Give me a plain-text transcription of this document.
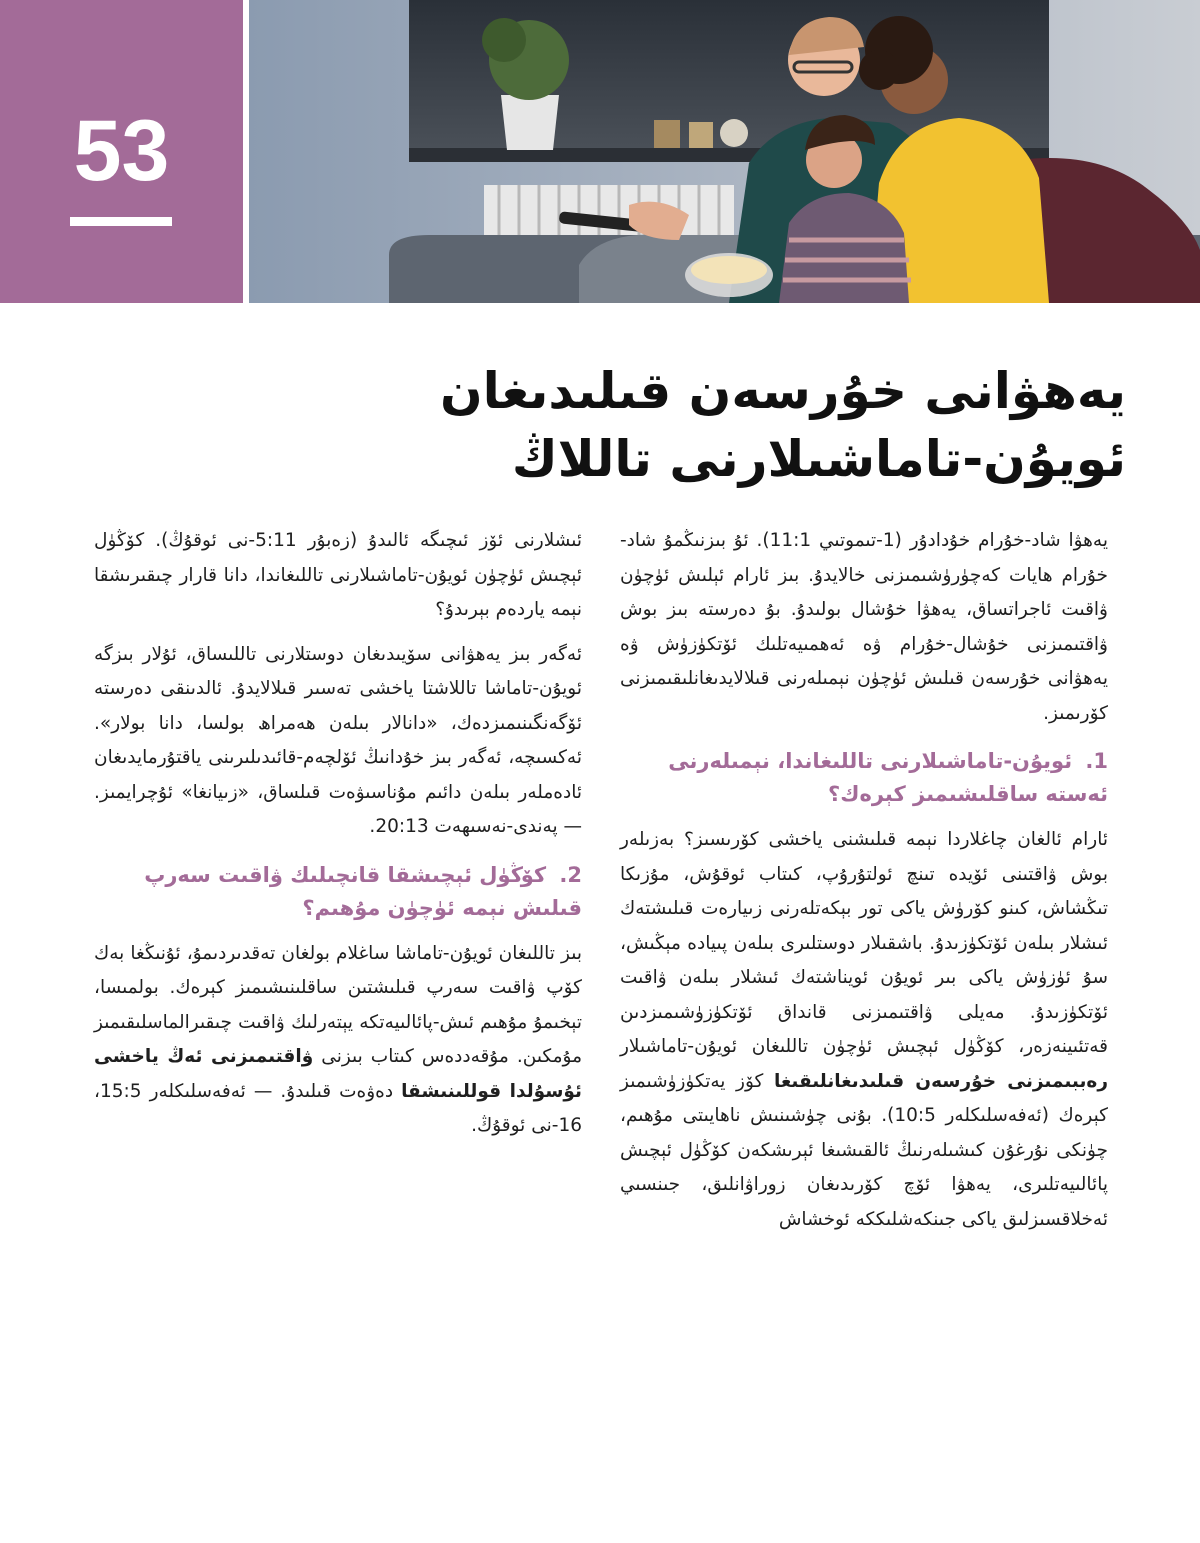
53
يەھۋانى خۇرسەن قىلىدىغان
ئويۇن-تاماشىلارنى تاللاڭ

يەھۋا شاد-خۇرام خۇدادۇر (1-تىموتىي 11:1). ئۇ بىزنىڭمۇ شاد-خۇرام ھايات كەچۈرۈشىمىزنى خالايدۇ. بىز ئارام ئېلىش ئۈچۈن ۋاقىت ئاجراتساق، يەھۋا خۇشال بولىدۇ. بۇ دەرستە بىز بوش ۋاقتىمىزنى خۇشال-خۇرام ۋە ئەھمىيەتلىك ئۆتكۈزۈش ۋە يەھۋانى خۇرسەن قىلىش ئۈچۈن نېمىلەرنى قىلالايدىغانلىقىمىزنى كۆرىمىز.

1. ئويۇن-تاماشىلارنى تاللىغاندا، نېمىلەرنى ئەستە ساقلىشىمىز كېرەك؟

ئارام ئالغان چاغلاردا نېمە قىلىشنى ياخشى كۆرىسىز؟ بەزىلەر بوش ۋاقتىنى ئۆيدە تىنچ ئولتۇرۇپ، كىتاب ئوقۇش، مۇزىكا تىڭشاش، كىنو كۆرۈش ياكى تور بېكەتلەرنى زىيارەت قىلىشتەك ئىشلار بىلەن ئۆتكۈزىدۇ. باشقىلار دوستلىرى بىلەن پىيادە مېڭىش، سۇ ئۈزۈش ياكى بىر ئويۇن ئويناشتەك ئىشلار بىلەن ۋاقىت ئۆتكۈزىدۇ. مەيلى ۋاقتىمىزنى قانداق ئۆتكۈزۈشىمىزدىن قەتئىينەزەر، كۆڭۈل ئېچىش ئۈچۈن تاللىغان ئويۇن-تاماشىلار رەببىمىزنى خۇرسەن قىلىدىغانلىقىغا كۆز يەتكۈزۈشىمىز كېرەك (ئەفەسلىكلەر 10:5). بۇنى چۈشىنىش ناھايىتى مۇھىم، چۈنكى نۇرغۇن كىشىلەرنىڭ ئالقىشىغا ئېرىشكەن كۆڭۈل ئېچىش پائالىيەتلىرى، يەھۋا ئۆچ كۆرىدىغان زوراۋانلىق، جىنسىي ئەخلاقسىزلىق ياكى جىنكەشلىككە ئوخشاش

ئىشلارنى ئۆز ئىچىگە ئالىدۇ (زەبۇر 5:11-نى ئوقۇڭ). كۆڭۈل ئېچىش ئۈچۈن ئويۇن-تاماشىلارنى تاللىغاندا، دانا قارار چىقىرىشقا نېمە ياردەم بېرىدۇ؟

ئەگەر بىز يەھۋانى سۆيىدىغان دوستلارنى تاللىساق، ئۇلار بىزگە ئويۇن-تاماشا تاللاشتا ياخشى تەسىر قىلالايدۇ. ئالدىنقى دەرستە ئۆگەنگىنىمىزدەك، «دانالار بىلەن ھەمراھ بولسا، دانا بولار». ئەكسىچە، ئەگەر بىز خۇدانىڭ ئۆلچەم-قائىدىلىرىنى ياقتۇرمايدىغان ئادەملەر بىلەن دائىم مۇناسىۋەت قىلساق، «زىيانغا» ئۇچرايمىز. — پەندى-نەسىھەت 20:13.

2. كۆڭۈل ئېچىشقا قانچىلىك ۋاقىت سەرپ قىلىش نېمە ئۈچۈن مۇھىم؟

بىز تاللىغان ئويۇن-تاماشا ساغلام بولغان تەقدىردىمۇ، ئۇنىڭغا بەك كۆپ ۋاقىت سەرپ قىلىشتىن ساقلىنىشىمىز كېرەك. بولمىسا، تېخىمۇ مۇھىم ئىش-پائالىيەتكە يېتەرلىك ۋاقىت چىقىرالماسلىقىمىز مۇمكىن. مۇقەددەس كىتاب بىزنى ۋاقتىمىزنى ئەڭ ياخشى ئۇسۇلدا قوللىنىشقا دەۋەت قىلىدۇ. — ئەفەسلىكلەر 15:5، 16-نى ئوقۇڭ.
